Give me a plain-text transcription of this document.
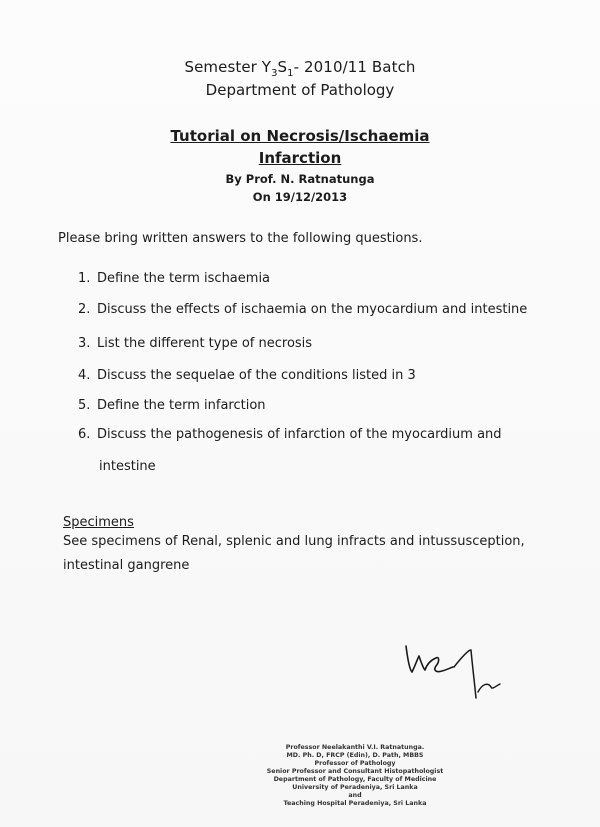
Semester $Y_3S_1-$ 2010/11 Batch
Department of Pathology
Tutorial on Necrosis/Ischaemia
Infarction
By Prof. N. Ratnatunga
On 19/12/2013
Please bring written answers to the following questions.
1. Define the term ischaemia
2. Discuss the effects of ischaemia on the myocardium and intestine
3. List the different type of necrosis
4. Discuss the sequelae of the conditions listed in 3
5. Define the term infarction
6. Discuss the pathogenesis of infarction of the myocardium and
intestine
Specimens
See specimens of Renal, splenic and lung infracts and intussusception,
intestinal gangrene
Professor Neelakanthi V.I. Ratnatunga.
MD. Ph. D, FRCP (Edin), D. Path, MBBS
Professor of Pathology
Senior Professor and Consultant Histopathologist
Department of Pathology, Faculty of Medicine
University of Peradeniya, Sri Lanka
and
Teaching Hospital Peradeniya, Sri Lanka
